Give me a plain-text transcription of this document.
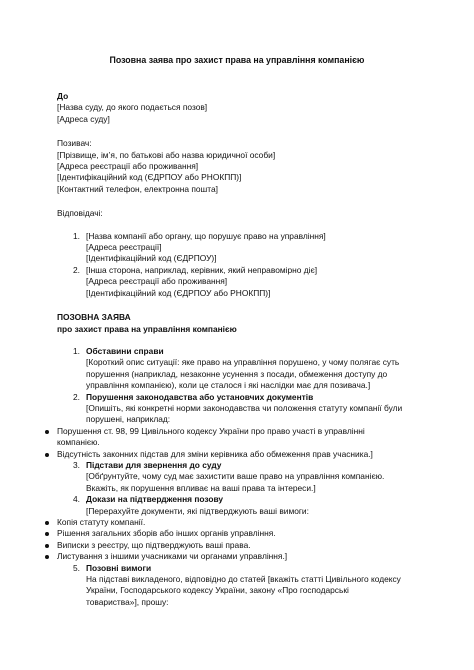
Позовна заява про захист права на управління компанією
До
[Назва суду, до якого подається позов]
[Адреса суду]
Позивач:
[Прізвище, ім’я, по батькові або назва юридичної особи]
[Адреса реєстрації або проживання]
[Ідентифікаційний код (ЄДРПОУ або РНОКПП)]
[Контактний телефон, електронна пошта]
Відповідачі:
1. [Назва компанії або органу, що порушує право на управління]
[Адреса реєстрації]
[Ідентифікаційний код (ЄДРПОУ)]
2. [Інша сторона, наприклад, керівник, який неправомірно діє]
[Адреса реєстрації або проживання]
[Ідентифікаційний код (ЄДРПОУ або РНОКПП)]
ПОЗОВНА ЗАЯВА
про захист права на управління компанією
1. Обставини справи
[Короткий опис ситуації: яке право на управління порушено, у чому полягає суть
порушення (наприклад, незаконне усунення з посади, обмеження доступу до
управління компанією), коли це сталося і які наслідки має для позивача.]
2. Порушення законодавства або установчих документів
[Опишіть, які конкретні норми законодавства чи положення статуту компанії були
порушені, наприклад:
Порушення ст. 98, 99 Цивільного кодексу України про право участі в управлінні
компанією.
Відсутність законних підстав для зміни керівника або обмеження прав учасника.]
3. Підстави для звернення до суду
[Обґрунтуйте, чому суд має захистити ваше право на управління компанією.
Вкажіть, як порушення впливає на ваші права та інтереси.]
4. Докази на підтвердження позову
[Перерахуйте документи, які підтверджують ваші вимоги:
Копія статуту компанії.
Рішення загальних зборів або інших органів управління.
Виписки з реєстру, що підтверджують ваші права.
Листування з іншими учасниками чи органами управління.]
5. Позовні вимоги
На підставі викладеного, відповідно до статей [вкажіть статті Цивільного кодексу
України, Господарського кодексу України, закону «Про господарські
товариства»], прошу:
